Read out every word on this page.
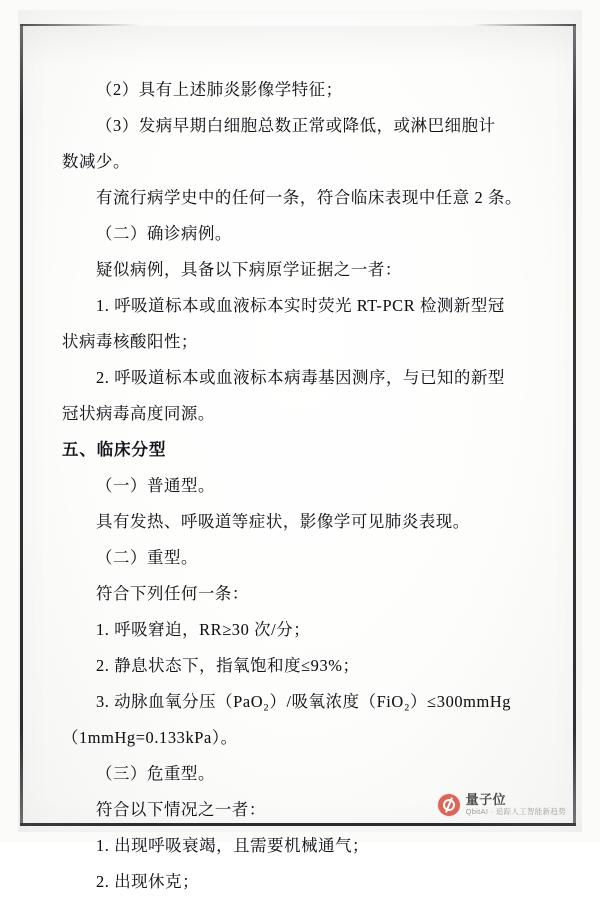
（2）具有上述肺炎影像学特征；

（3）发病早期白细胞总数正常或降低，或淋巴细胞计

数减少。

有流行病学史中的任何一条，符合临床表现中任意 2 条。

（二）确诊病例。

疑似病例，具备以下病原学证据之一者：

1. 呼吸道标本或血液标本实时荧光 RT-PCR 检测新型冠

状病毒核酸阳性；

2. 呼吸道标本或血液标本病毒基因测序，与已知的新型

冠状病毒高度同源。

五、临床分型

（一）普通型。

具有发热、呼吸道等症状，影像学可见肺炎表现。

（二）重型。

符合下列任何一条：

1. 呼吸窘迫，RR≥30 次/分；

2. 静息状态下，指氧饱和度≤93%；

3. 动脉血氧分压（PaO₂）/吸氧浓度（FiO₂）≤300mmHg

（1mmHg=0.133kPa）。

（三）危重型。

符合以下情况之一者：

1. 出现呼吸衰竭，且需要机械通气；

2. 出现休克；

量子位
QbitAI · 追踪人工智能新趋势
